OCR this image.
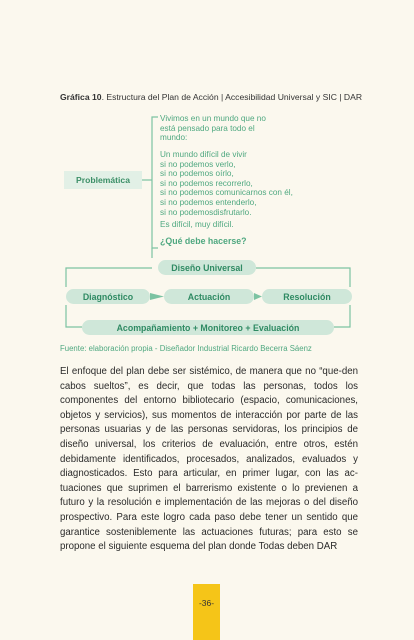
Gráfica 10. Estructura del Plan de Acción | Accesibilidad Universal y SIC | DAR
Vivimos en un mundo que no
está pensado para todo el
mundo:
Un mundo difícil de vivir
si no podemos verlo,
si no podemos oírlo,
si no podemos recorrerlo,
si no podemos comunicarnos con él,
si no podemos entenderlo,
si no podemosdisfrutarlo.
Es difícil, muy difícil.
¿Qué debe hacerse?
Problemática
Diseño Universal
Diagnóstico	Actuación	Resolución
Acompañamiento + Monitoreo + Evaluación
Fuente: elaboración propia - Diseñador Industrial Ricardo Becerra Sáenz

El enfoque del plan debe ser sistémico, de manera que no “que-den cabos sueltos”, es decir, que todas las personas, todos los componentes del entorno bibliotecario (espacio, comunicaciones, objetos y servicios), sus momentos de interacción por parte de las personas usuarias y de las personas servidoras, los principios de diseño universal, los criterios de evaluación, entre otros, estén debidamente identificados, procesados, analizados, evaluados y diagnosticados. Esto para articular, en primer lugar, con las ac-tuaciones que suprimen el barrerismo existente o lo previenen a futuro y la resolución e implementación de las mejoras o del diseño prospectivo. Para este logro cada paso debe tener un sentido que garantice sosteniblemente las actuaciones futuras; para esto se propone el siguiente esquema del plan donde Todas deben DAR

-36-
